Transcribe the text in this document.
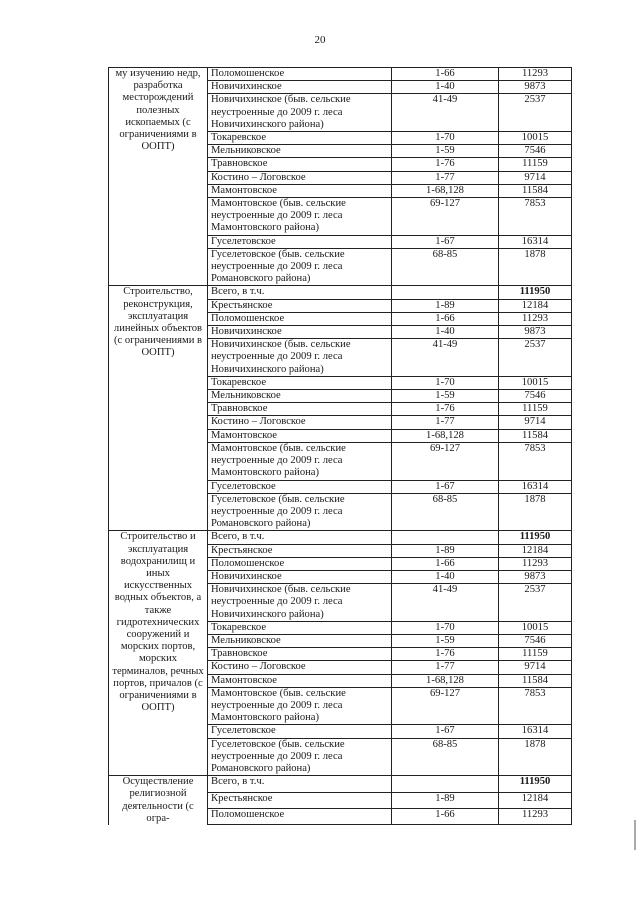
20
му изучению недр, разработка месторождений полезных ископаемых (с ограничениями в ООПТ)	Поломошенское	1-66	11293
	Новичихинское	1-40	9873
	Новичихинское (быв. сельские неустроенные до 2009 г. леса Новичихинского района)	41-49	2537
	Токаревское	1-70	10015
	Мельниковское	1-59	7546
	Травновское	1-76	11159
	Костино – Логовское	1-77	9714
	Мамонтовское	1-68,128	11584
	Мамонтовское (быв. сельские неустроенные до 2009 г. леса Мамонтовского района)	69-127	7853
	Гуселетовское	1-67	16314
	Гуселетовское (быв. сельские неустроенные до 2009 г. леса Романовского района)	68-85	1878

Строительство, реконструкция, эксплуатация линейных объектов (с ограничениями в ООПТ)	Всего, в т.ч.		111950
	Крестьянское	1-89	12184
	Поломошенское	1-66	11293
	Новичихинское	1-40	9873
	Новичихинское (быв. сельские неустроенные до 2009 г. леса Новичихинского района)	41-49	2537
	Токаревское	1-70	10015
	Мельниковское	1-59	7546
	Травновское	1-76	11159
	Костино – Логовское	1-77	9714
	Мамонтовское	1-68,128	11584
	Мамонтовское (быв. сельские неустроенные до 2009 г. леса Мамонтовского района)	69-127	7853
	Гуселетовское	1-67	16314
	Гуселетовское (быв. сельские неустроенные до 2009 г. леса Романовского района)	68-85	1878

Строительство и эксплуатация водохранилищ и иных искусственных водных объектов, а также гидротехнических сооружений и морских портов, морских терминалов, речных портов, причалов (с ограничениями в ООПТ)	Всего, в т.ч.		111950
	Крестьянское	1-89	12184
	Поломошенское	1-66	11293
	Новичихинское	1-40	9873
	Новичихинское (быв. сельские неустроенные до 2009 г. леса Новичихинского района)	41-49	2537
	Токаревское	1-70	10015
	Мельниковское	1-59	7546
	Травновское	1-76	11159
	Костино – Логовское	1-77	9714
	Мамонтовское	1-68,128	11584
	Мамонтовское (быв. сельские неустроенные до 2009 г. леса Мамонтовского района)	69-127	7853
	Гуселетовское	1-67	16314
	Гуселетовское (быв. сельские неустроенные до 2009 г. леса Романовского района)	68-85	1878

Осуществление религиозной деятельности (с огра-	Всего, в т.ч.		111950
	Крестьянское	1-89	12184
	Поломошенское	1-66	11293
